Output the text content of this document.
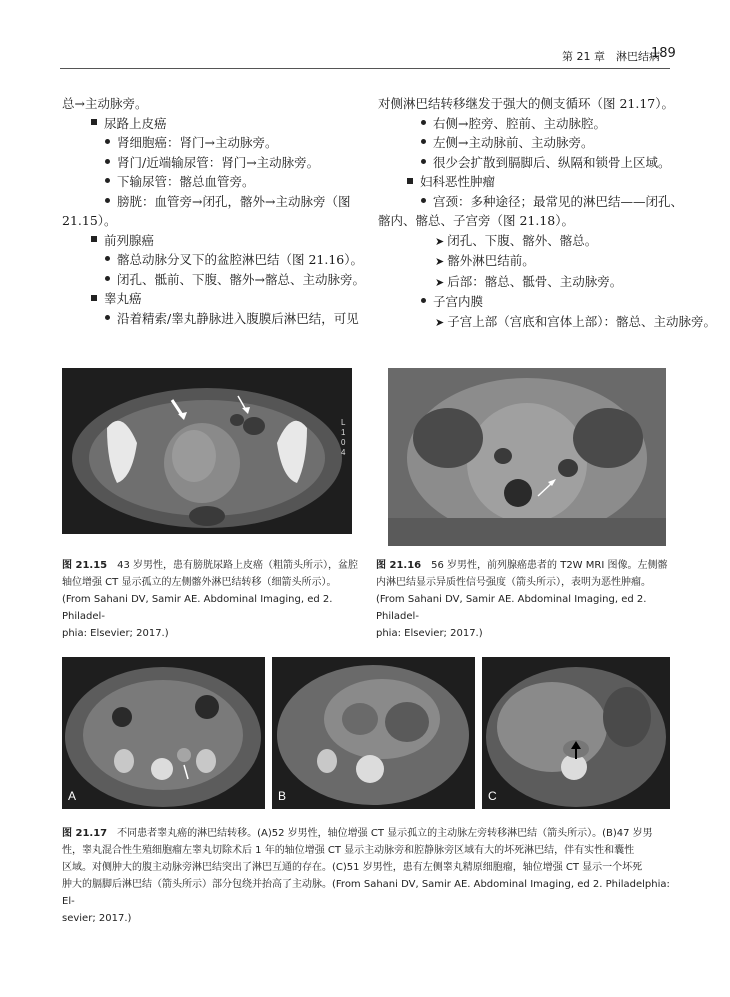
第 21 章　淋巴结病
189
总→主动脉旁。
尿路上皮癌
肾细胞癌：肾门→主动脉旁。
肾门/近端输尿管：肾门→主动脉旁。
下输尿管：髂总血管旁。
膀胱：血管旁→闭孔，髂外→主动脉旁（图
21.15）。
前列腺癌
髂总动脉分叉下的盆腔淋巴结（图 21.16）。
闭孔、骶前、下腹、髂外→髂总、主动脉旁。
睾丸癌
沿着精索/睾丸静脉进入腹膜后淋巴结，可见
对侧淋巴结转移继发于强大的侧支循环（图 21.17）。
右侧→腔旁、腔前、主动脉腔。
左侧→主动脉前、主动脉旁。
很少会扩散到膈脚后、纵隔和锁骨上区域。
妇科恶性肿瘤
宫颈：多种途径；最常见的淋巴结——闭孔、
髂内、髂总、子宫旁（图 21.18）。
➤ 闭孔、下腹、髂外、髂总。
➤ 髂外淋巴结前。
➤ 后部：髂总、骶骨、主动脉旁。
子宫内膜
➤ 子宫上部（宫底和宫体上部）：髂总、主动脉旁。
L 1 0 4
图 21.15  43 岁男性，患有膀胱尿路上皮癌（粗箭头所示），盆腔
轴位增强 CT 显示孤立的左侧髂外淋巴结转移（细箭头所示）。
(From Sahani DV, Samir AE. Abdominal Imaging, ed 2. Philadel-
phia: Elsevier; 2017.)
图 21.16  56 岁男性，前列腺癌患者的 T2W MRI 图像。左侧髂
内淋巴结显示异质性信号强度（箭头所示），表明为恶性肿瘤。
(From Sahani DV, Samir AE. Abdominal Imaging, ed 2. Philadel-
phia: Elsevier; 2017.)
A	B	C
图 21.17  不同患者睾丸癌的淋巴结转移。(A)52 岁男性，轴位增强 CT 显示孤立的主动脉左旁转移淋巴结（箭头所示）。(B)47 岁男
性，睾丸混合性生殖细胞瘤左睾丸切除术后 1 年的轴位增强 CT 显示主动脉旁和腔静脉旁区域有大的坏死淋巴结，伴有实性和囊性
区域。对侧肿大的腹主动脉旁淋巴结突出了淋巴互通的存在。(C)51 岁男性，患有左侧睾丸精原细胞瘤，轴位增强 CT 显示一个坏死
肿大的膈脚后淋巴结（箭头所示）部分包绕并抬高了主动脉。(From Sahani DV, Samir AE. Abdominal Imaging, ed 2. Philadelphia: El-
sevier; 2017.)
